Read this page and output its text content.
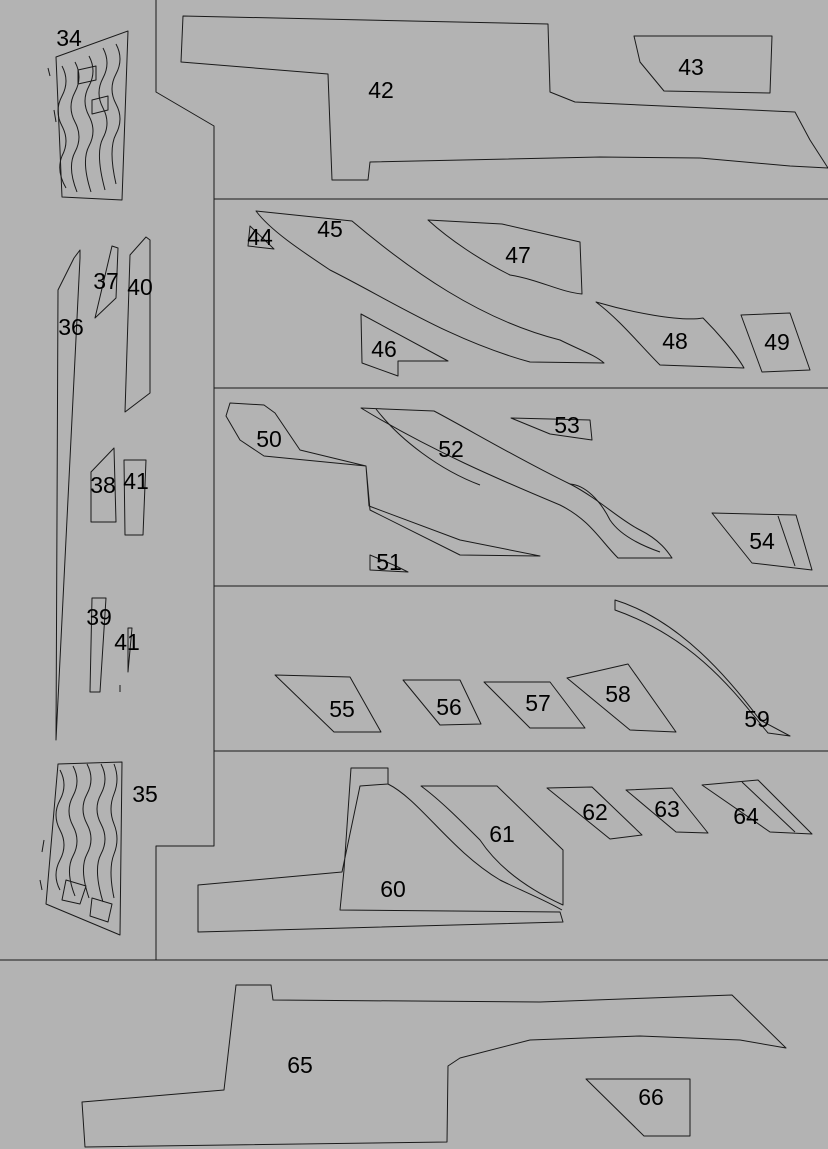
34
35
36
37
38
39
40
41
41
42
43
44 45
46
47
48	49
50
51
52
53
54
55	56	57 58
59
60
61
62 63 64
65
66
